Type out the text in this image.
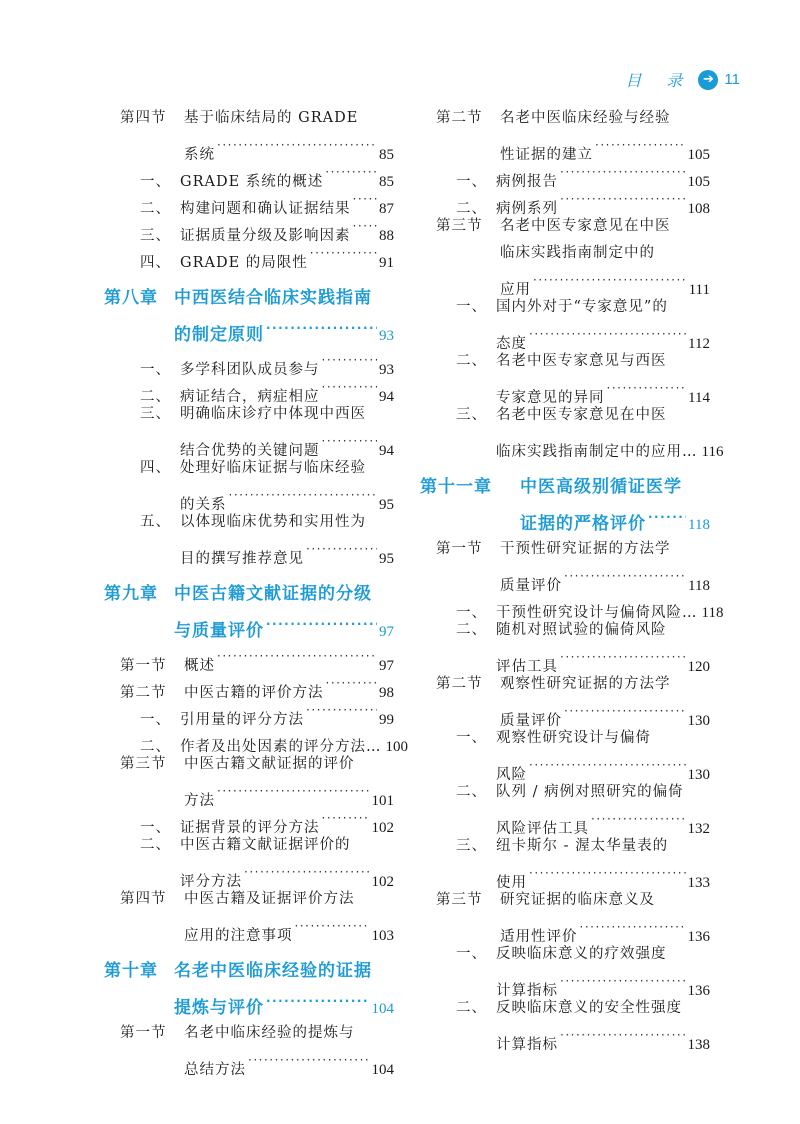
目 录 ➔ 11
第四节	基于临床结局的 GRADE
系统 ·····	85
一、 GRADE 系统的概述 ·····	85
二、 构建问题和确认证据结果 ····· 87
三、 证据质量分级及影响因素 ····· 88
四、 GRADE 的局限性 ·····	91
第八章 中西医结合临床实践指南
的制定原则 ·····	93
一、 多学科团队成员参与 ·····	93
二、 病证结合，病症相应 ·····	94
三、 明确临床诊疗中体现中西医
结合优势的关键问题 ·····	94
四、 处理好临床证据与临床经验
的关系 ·····	95
五、 以体现临床优势和实用性为
目的撰写推荐意见 ·····	95
第九章 中医古籍文献证据的分级
与质量评价 ·····	97
第一节	概述 ·····	97
第二节	中医古籍的评价方法 ·····	98
一、 引用量的评分方法 ·····	99
二、 作者及出处因素的评分方法… 100
第三节	中医古籍文献证据的评价
方法 ·····	101
一、 证据背景的评分方法 ·····	102
二、 中医古籍文献证据评价的
评分方法 ·····	102
第四节	中医古籍及证据评价方法
应用的注意事项 ·····	103
第十章 名老中医临床经验的证据
提炼与评价 ·····	104
第一节	名老中临床经验的提炼与
总结方法 ·····	104
第二节	名老中医临床经验与经验
性证据的建立 ·····	105
一、 病例报告 ·····	105
二、 病例系列 ·····	108
第三节	名老中医专家意见在中医
临床实践指南制定中的
应用 ·····	111
一、 国内外对于“专家意见”的
态度 ·····	112
二、 名老中医专家意见与西医
专家意见的异同 ·····	114
三、 名老中医专家意见在中医
临床实践指南制定中的应用… 116
第十一章	中医高级别循证医学
证据的严格评价 ·····	118
第一节	干预性研究证据的方法学
质量评价 ·····	118
一、 干预性研究设计与偏倚风险… 118
二、 随机对照试验的偏倚风险
评估工具 ·····	120
第二节	观察性研究证据的方法学
质量评价 ·····	130
一、 观察性研究设计与偏倚
风险 ·····	130
二、 队列 / 病例对照研究的偏倚
风险评估工具 ·····	132
三、 纽卡斯尔 - 渥太华量表的
使用 ·····	133
第三节	研究证据的临床意义及
适用性评价 ·····	136
一、 反映临床意义的疗效强度
计算指标 ·····	136
二、 反映临床意义的安全性强度
计算指标 ·····	138
